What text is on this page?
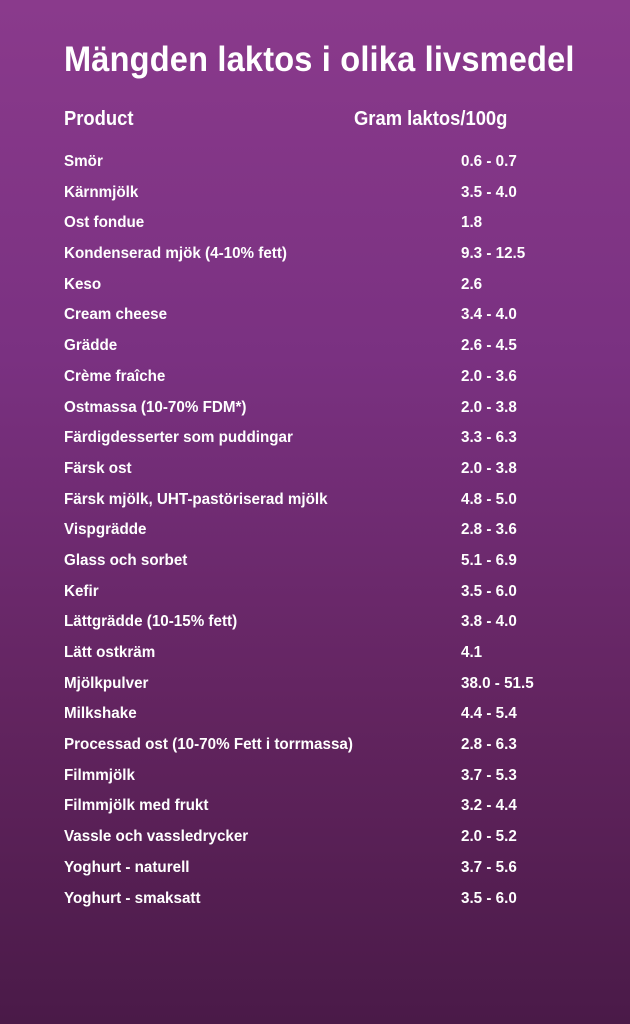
Mängden laktos i olika livsmedel
Product	Gram laktos/100g
Smör	0.6 - 0.7
Kärnmjölk	3.5 - 4.0
Ost fondue	1.8
Kondenserad mjök (4-10% fett)	9.3 - 12.5
Keso	2.6
Cream cheese	3.4 - 4.0
Grädde	2.6 - 4.5
Crème fraîche	2.0 - 3.6
Ostmassa (10-70% FDM*)	2.0 - 3.8
Färdigdesserter som puddingar	3.3 - 6.3
Färsk ost	2.0 - 3.8
Färsk mjölk, UHT-pastöriserad mjölk	4.8 - 5.0
Vispgrädde	2.8 - 3.6
Glass och sorbet	5.1 - 6.9
Kefir	3.5 - 6.0
Lättgrädde (10-15% fett)	3.8 - 4.0
Lätt ostkräm	4.1
Mjölkpulver	38.0 - 51.5
Milkshake	4.4 - 5.4
Processad ost (10-70% Fett i torrmassa)	2.8 - 6.3
Filmmjölk	3.7 - 5.3
Filmmjölk med frukt	3.2 - 4.4
Vassle och vassledrycker	2.0 - 5.2
Yoghurt - naturell	3.7 - 5.6
Yoghurt - smaksatt	3.5 - 6.0
